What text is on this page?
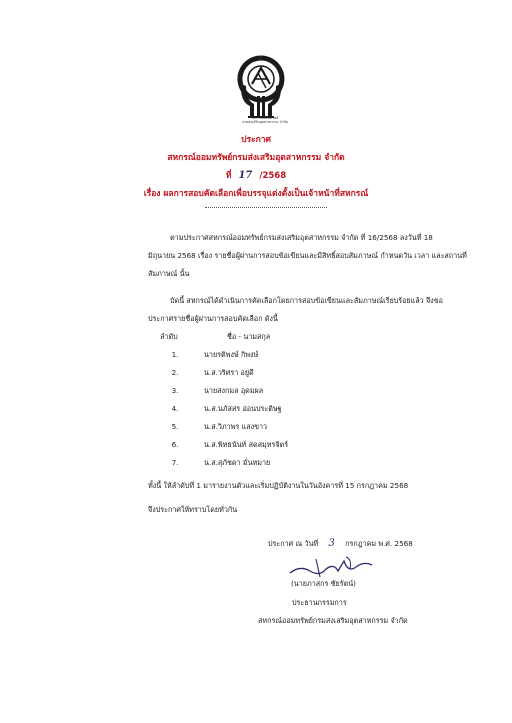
สหกรณ์ออมทรัพย์
กรมส่งเสริมอุตสาหกรรม จำกัด
ประกาศ
สหกรณ์ออมทรัพย์กรมส่งเสริมอุตสาหกรรม จำกัด
ที่ 17 /2568
เรื่อง ผลการสอบคัดเลือกเพื่อบรรจุแต่งตั้งเป็นเจ้าหน้าที่สหกรณ์
ตามประกาศสหกรณ์ออมทรัพย์กรมส่งเสริมอุตสาหกรรม จำกัด ที่ 16/2568 ลงวันที่ 18
มิถุนายน 2568 เรื่อง รายชื่อผู้ผ่านการสอบข้อเขียนและมีสิทธิ์สอบสัมภาษณ์ กำหนดวัน เวลา และสถานที่
สัมภาษณ์ นั้น
บัดนี้ สหกรณ์ได้ดำเนินการคัดเลือกโดยการสอบข้อเขียนและสัมภาษณ์เรียบร้อยแล้ว จึงขอ
ประกาศรายชื่อผู้ผ่านการสอบคัดเลือก ดังนี้
ลำดับ	ชื่อ - นามสกุล
1.	นายรติพงษ์ กิพงษ์
2.	น.ส.วริศรา อยู่ดี
3.	นายสงกมล อุดมผล
4.	น.ส.นภัสสร อ่อนประดิษฐ
5.	น.ส.วิภาพร แสงขาว
6.	น.ส.พิทธนันท์ สดสมุทรจิตร์
7.	น.ส.สุภัชดา มั่นหมาย
ทั้งนี้ ให้ลำดับที่ 1 มารายงานตัวและเริ่มปฏิบัติงานในวันอังคารที่ 15 กรกฎาคม 2568
จึงประกาศให้ทราบโดยทั่วกัน
ประกาศ ณ วันที่ 3 กรกฎาคม พ.ศ. 2568
(นายภาสกร ชัยรัตน์)
ประธานกรรมการ
สหกรณ์ออมทรัพย์กรมส่งเสริมอุตสาหกรรม จำกัด
